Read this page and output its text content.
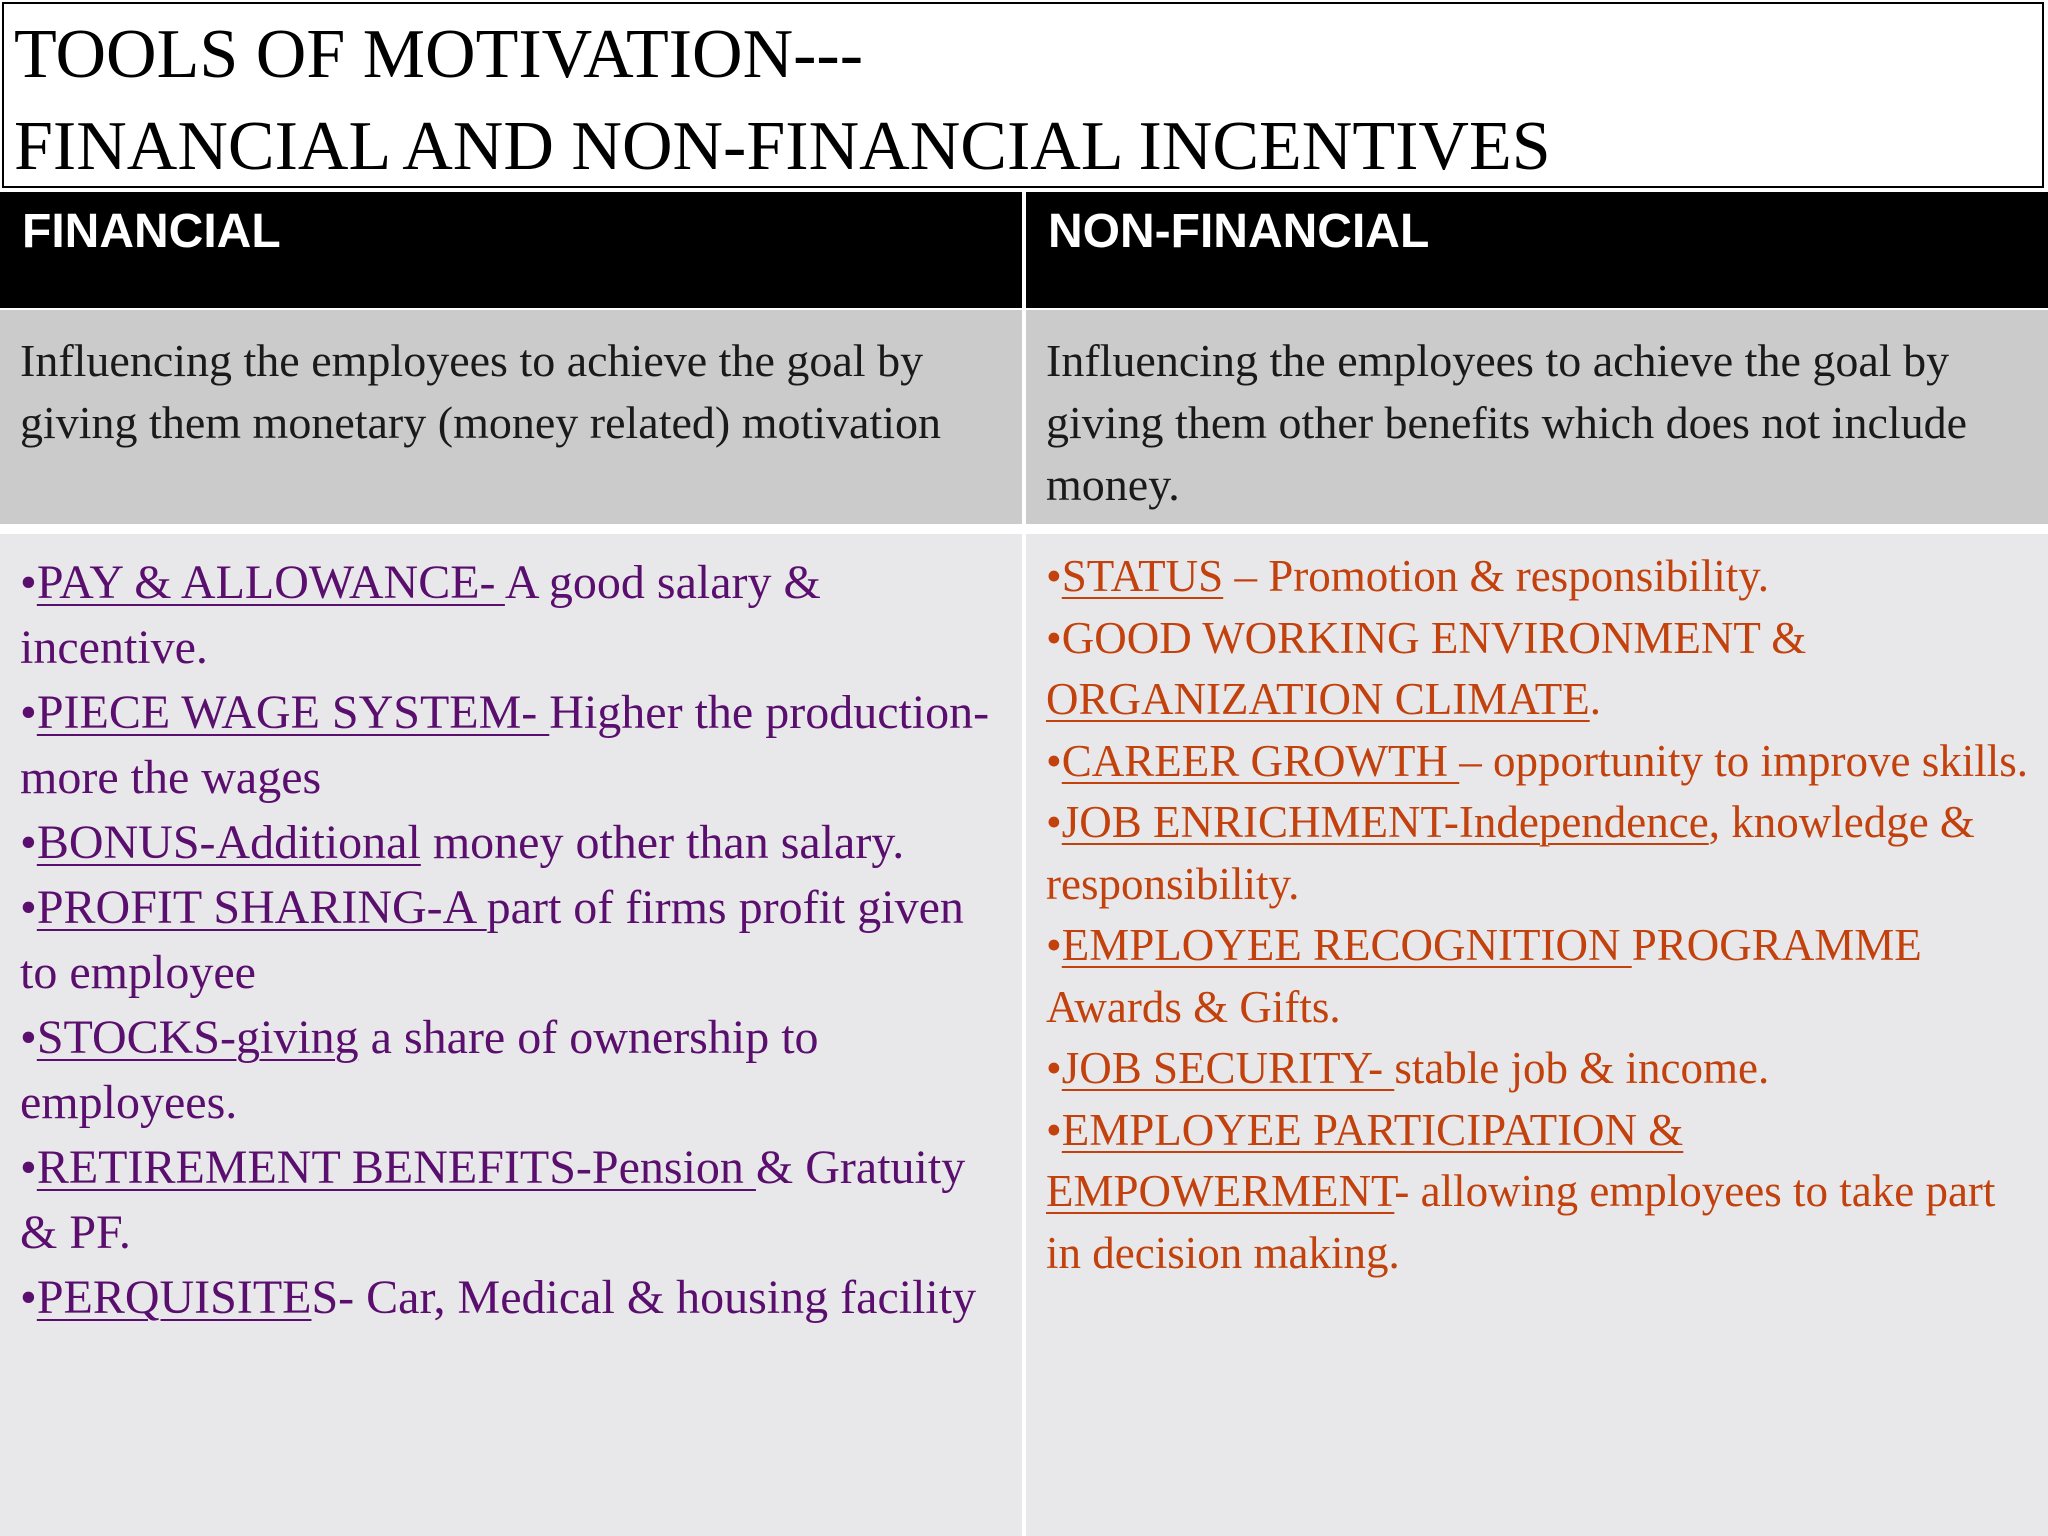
TOOLS OF MOTIVATION---
FINANCIAL AND NON-FINANCIAL INCENTIVES
FINANCIAL	NON-FINANCIAL
Influencing the employees to achieve the goal by giving them monetary (money related) motivation
Influencing the employees to achieve the goal by giving them other benefits which does not include money.
•PAY & ALLOWANCE- A good salary & incentive.
•PIECE WAGE SYSTEM- Higher the production- more the wages
•BONUS-Additional money other than salary.
•PROFIT SHARING-A part of firms profit given to employee
•STOCKS-giving a share of ownership to employees.
•RETIREMENT BENEFITS-Pension & Gratuity & PF.
•PERQUISITES- Car, Medical & housing facility
•STATUS – Promotion & responsibility.
•GOOD WORKING ENVIRONMENT & ORGANIZATION CLIMATE.
•CAREER GROWTH – opportunity to improve skills.
•JOB ENRICHMENT-Independence, knowledge & responsibility.
•EMPLOYEE RECOGNITION PROGRAMME Awards & Gifts.
•JOB SECURITY- stable job & income.
•EMPLOYEE PARTICIPATION & EMPOWERMENT- allowing employees to take part in decision making.
